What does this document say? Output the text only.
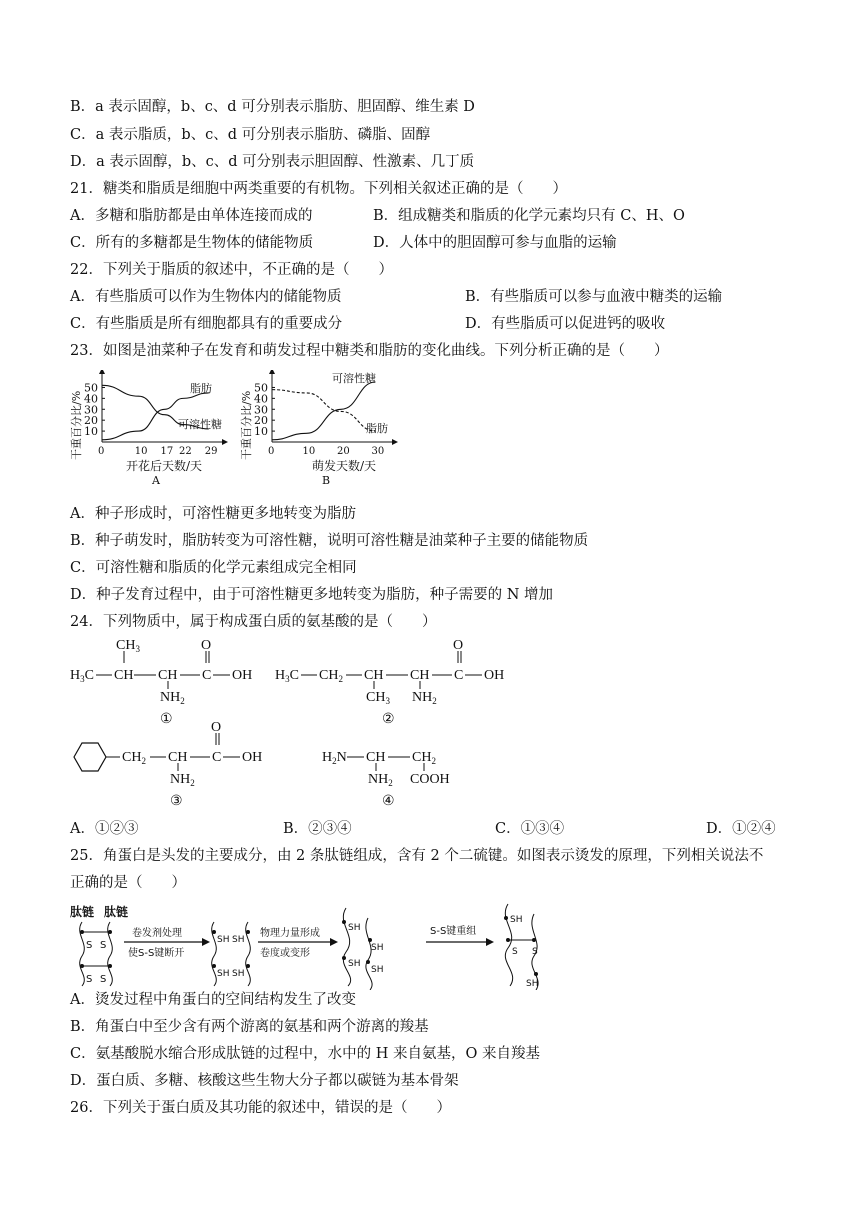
B．a 表示固醇，b、c、d 可分别表示脂肪、胆固醇、维生素 D
C．a 表示脂质，b、c、d 可分别表示脂肪、磷脂、固醇
D．a 表示固醇，b、c、d 可分别表示胆固醇、性激素、几丁质
21．糖类和脂质是细胞中两类重要的有机物。下列相关叙述正确的是（　　）
A．多糖和脂肪都是由单体连接而成的	B．组成糖类和脂质的化学元素均只有 C、H、O
C．所有的多糖都是生物体的储能物质	D．人体中的胆固醇可参与血脂的运输
22．下列关于脂质的叙述中，不正确的是（　　）
A．有些脂质可以作为生物体内的储能物质	B．有些脂质可以参与血液中糖类的运输
C．有些脂质是所有细胞都具有的重要成分	D．有些脂质可以促进钙的吸收
23．如图是油菜种子在发育和萌发过程中糖类和脂肪的变化曲线。下列分析正确的是（　　）
干重百分比/%
A
开花后天数/天
10
20
30
40
50
0	10 17 22 29
脂肪
可溶性糖 干重百分比/%
B
萌发天数/天
10
20
30
40
50
0	10 20 30
可溶性糖
脂肪
A．种子形成时，可溶性糖更多地转变为脂肪
B．种子萌发时，脂肪转变为可溶性糖，说明可溶性糖是油菜种子主要的储能物质
C．可溶性糖和脂质的化学元素组成完全相同
D．种子发育过程中，由于可溶性糖更多地转变为脂肪，种子需要的 N 增加
24．下列物质中，属于构成蛋白质的氨基酸的是（　　）
$H_3C$ CH
$CH_3$
CH
$NH_2$
C
O
OH
①
$H_3C$ $CH_2$ CH
$CH_3$
CH
$NH_2$
C
O
OH
②
$CH_2$ CH
$NH_2$
C
O
OH
③
$H_2N$ CH
$NH_2$
$CH_2$
COOH
④
A．①②③	B．②③④	C．①③④	D．①②④
25．角蛋白是头发的主要成分，由 2 条肽链组成，含有 2 个二硫键。如图表示烫发的原理，下列相关说法不
正确的是（　　）
肽链 肽链
S S
S S
卷发剂处理
使S-S键断开
SH SH
SH SH
物理力量形成
卷度或变形
SH
SH
SH
SH
S-S键重组
SH
S S
SH
A．烫发过程中角蛋白的空间结构发生了改变
B．角蛋白中至少含有两个游离的氨基和两个游离的羧基
C．氨基酸脱水缩合形成肽链的过程中，水中的 H 来自氨基，O 来自羧基
D．蛋白质、多糖、核酸这些生物大分子都以碳链为基本骨架
26．下列关于蛋白质及其功能的叙述中，错误的是（　　）
